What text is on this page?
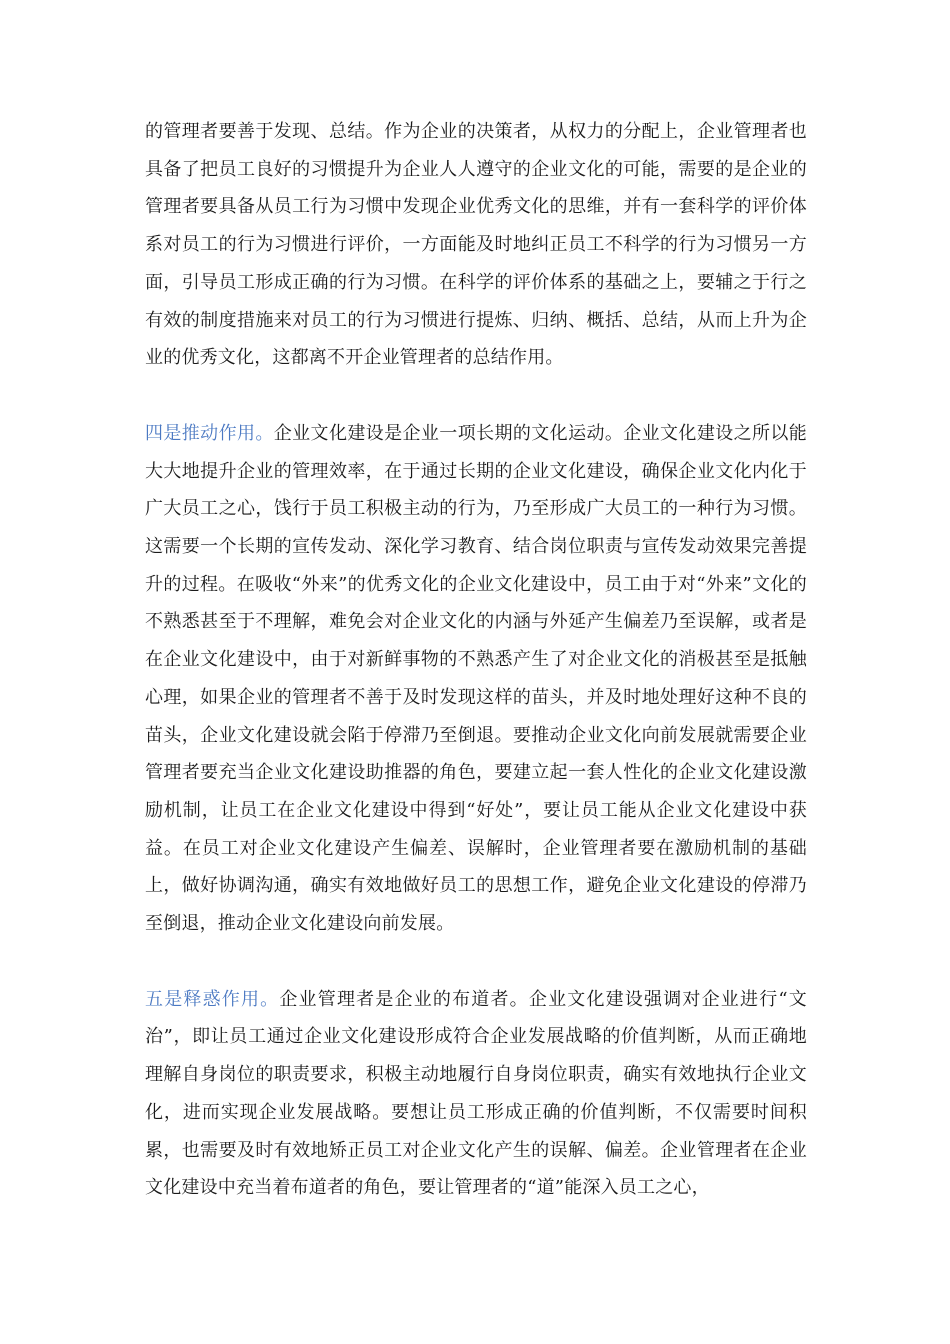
的管理者要善于发现、总结。作为企业的决策者，从权力的分配上，企业管理者也具备了把员工良好的习惯提升为企业人人遵守的企业文化的可能，需要的是企业的管理者要具备从员工行为习惯中发现企业优秀文化的思维，并有一套科学的评价体系对员工的行为习惯进行评价，一方面能及时地纠正员工不科学的行为习惯另一方面，引导员工形成正确的行为习惯。在科学的评价体系的基础之上，要辅之于行之有效的制度措施来对员工的行为习惯进行提炼、归纳、概括、总结，从而上升为企业的优秀文化，这都离不开企业管理者的总结作用。

四是推动作用。企业文化建设是企业一项长期的文化运动。企业文化建设之所以能大大地提升企业的管理效率，在于通过长期的企业文化建设，确保企业文化内化于广大员工之心，饯行于员工积极主动的行为，乃至形成广大员工的一种行为习惯。这需要一个长期的宣传发动、深化学习教育、结合岗位职责与宣传发动效果完善提升的过程。在吸收“外来”的优秀文化的企业文化建设中，员工由于对“外来”文化的不熟悉甚至于不理解，难免会对企业文化的内涵与外延产生偏差乃至误解，或者是在企业文化建设中，由于对新鲜事物的不熟悉产生了对企业文化的消极甚至是抵触心理，如果企业的管理者不善于及时发现这样的苗头，并及时地处理好这种不良的苗头，企业文化建设就会陷于停滞乃至倒退。要推动企业文化向前发展就需要企业管理者要充当企业文化建设助推器的角色，要建立起一套人性化的企业文化建设激励机制，让员工在企业文化建设中得到“好处”，要让员工能从企业文化建设中获益。在员工对企业文化建设产生偏差、误解时，企业管理者要在激励机制的基础上，做好协调沟通，确实有效地做好员工的思想工作，避免企业文化建设的停滞乃至倒退，推动企业文化建设向前发展。

五是释惑作用。企业管理者是企业的布道者。企业文化建设强调对企业进行“文治”，即让员工通过企业文化建设形成符合企业发展战略的价值判断，从而正确地理解自身岗位的职责要求，积极主动地履行自身岗位职责，确实有效地执行企业文化，进而实现企业发展战略。要想让员工形成正确的价值判断，不仅需要时间积累，也需要及时有效地矫正员工对企业文化产生的误解、偏差。企业管理者在企业文化建设中充当着布道者的角色，要让管理者的“道”能深入员工之心，
